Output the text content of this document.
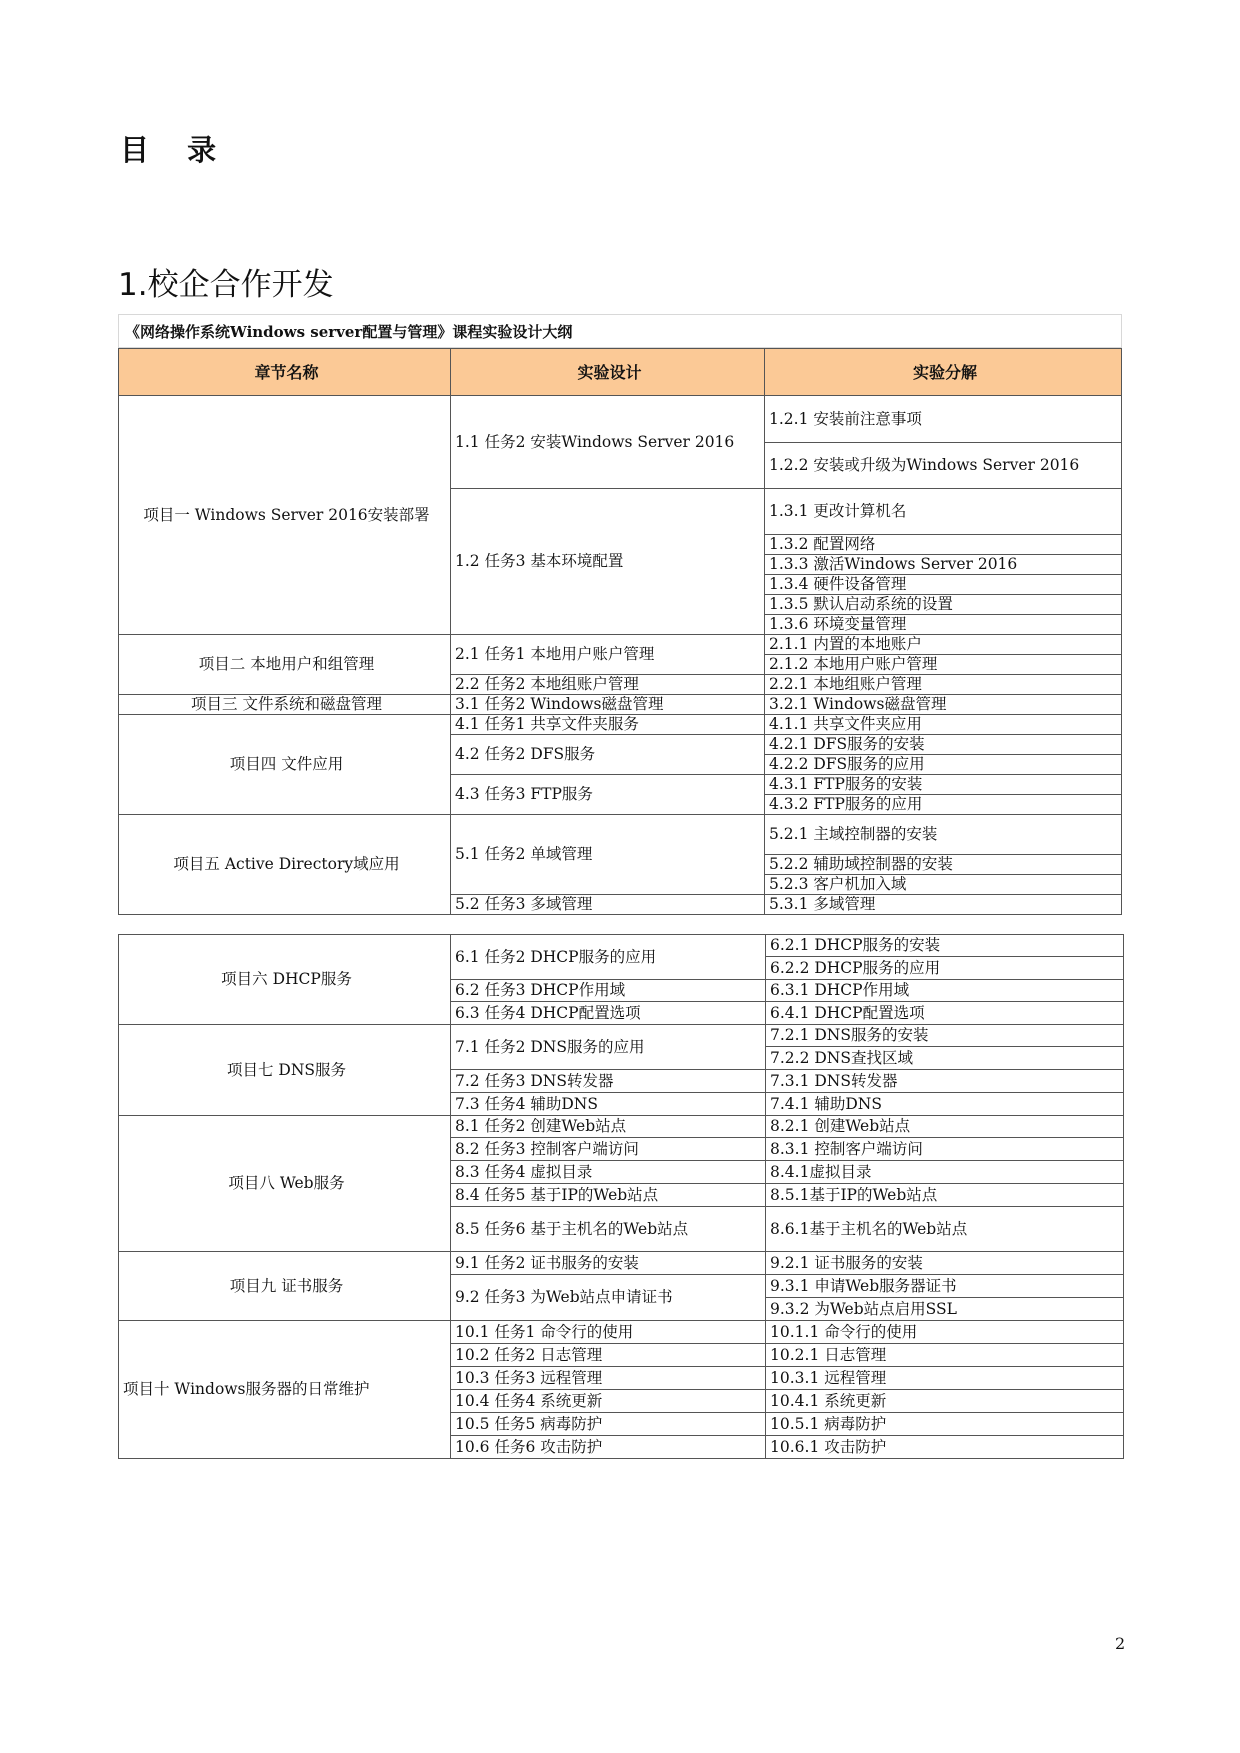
目 录
1.校企合作开发
《网络操作系统Windows server配置与管理》课程实验设计大纲
章节名称	实验设计	实验分解
项目一 Windows Server 2016安装部署	1.1 任务2 安装Windows Server 2016	1.2.1 安装前注意事项
		1.2.2 安装或升级为Windows Server 2016
	1.2 任务3 基本环境配置	1.3.1 更改计算机名
		1.3.2 配置网络
		1.3.3 激活Windows Server 2016
		1.3.4 硬件设备管理
		1.3.5 默认启动系统的设置
		1.3.6 环境变量管理
项目二 本地用户和组管理	2.1 任务1 本地用户账户管理	2.1.1 内置的本地账户
		2.1.2 本地用户账户管理
	2.2 任务2 本地组账户管理	2.2.1 本地组账户管理
项目三 文件系统和磁盘管理	3.1 任务2 Windows磁盘管理	3.2.1 Windows磁盘管理
项目四 文件应用	4.1 任务1 共享文件夹服务	4.1.1 共享文件夹应用
	4.2 任务2 DFS服务	4.2.1 DFS服务的安装
		4.2.2 DFS服务的应用
	4.3 任务3 FTP服务	4.3.1 FTP服务的安装
		4.3.2 FTP服务的应用
项目五 Active Directory域应用	5.1 任务2 单域管理	5.2.1 主域控制器的安装
		5.2.2 辅助域控制器的安装
		5.2.3 客户机加入域
	5.2 任务3 多域管理	5.3.1 多域管理
项目六 DHCP服务	6.1 任务2 DHCP服务的应用	6.2.1 DHCP服务的安装
		6.2.2 DHCP服务的应用
	6.2 任务3 DHCP作用域	6.3.1 DHCP作用域
	6.3 任务4 DHCP配置选项	6.4.1 DHCP配置选项
项目七 DNS服务	7.1 任务2 DNS服务的应用	7.2.1 DNS服务的安装
		7.2.2 DNS查找区域
	7.2 任务3 DNS转发器	7.3.1 DNS转发器
	7.3 任务4 辅助DNS	7.4.1 辅助DNS
项目八 Web服务	8.1 任务2 创建Web站点	8.2.1 创建Web站点
	8.2 任务3 控制客户端访问	8.3.1 控制客户端访问
	8.3 任务4 虚拟目录	8.4.1虚拟目录
	8.4 任务5 基于IP的Web站点	8.5.1基于IP的Web站点
	8.5 任务6 基于主机名的Web站点	8.6.1基于主机名的Web站点
项目九 证书服务	9.1 任务2 证书服务的安装	9.2.1 证书服务的安装
	9.2 任务3 为Web站点申请证书	9.3.1 申请Web服务器证书
		9.3.2 为Web站点启用SSL
项目十 Windows服务器的日常维护	10.1 任务1 命令行的使用	10.1.1 命令行的使用
	10.2 任务2 日志管理	10.2.1 日志管理
	10.3 任务3 远程管理	10.3.1 远程管理
	10.4 任务4 系统更新	10.4.1 系统更新
	10.5 任务5 病毒防护	10.5.1 病毒防护
	10.6 任务6 攻击防护	10.6.1 攻击防护
2
